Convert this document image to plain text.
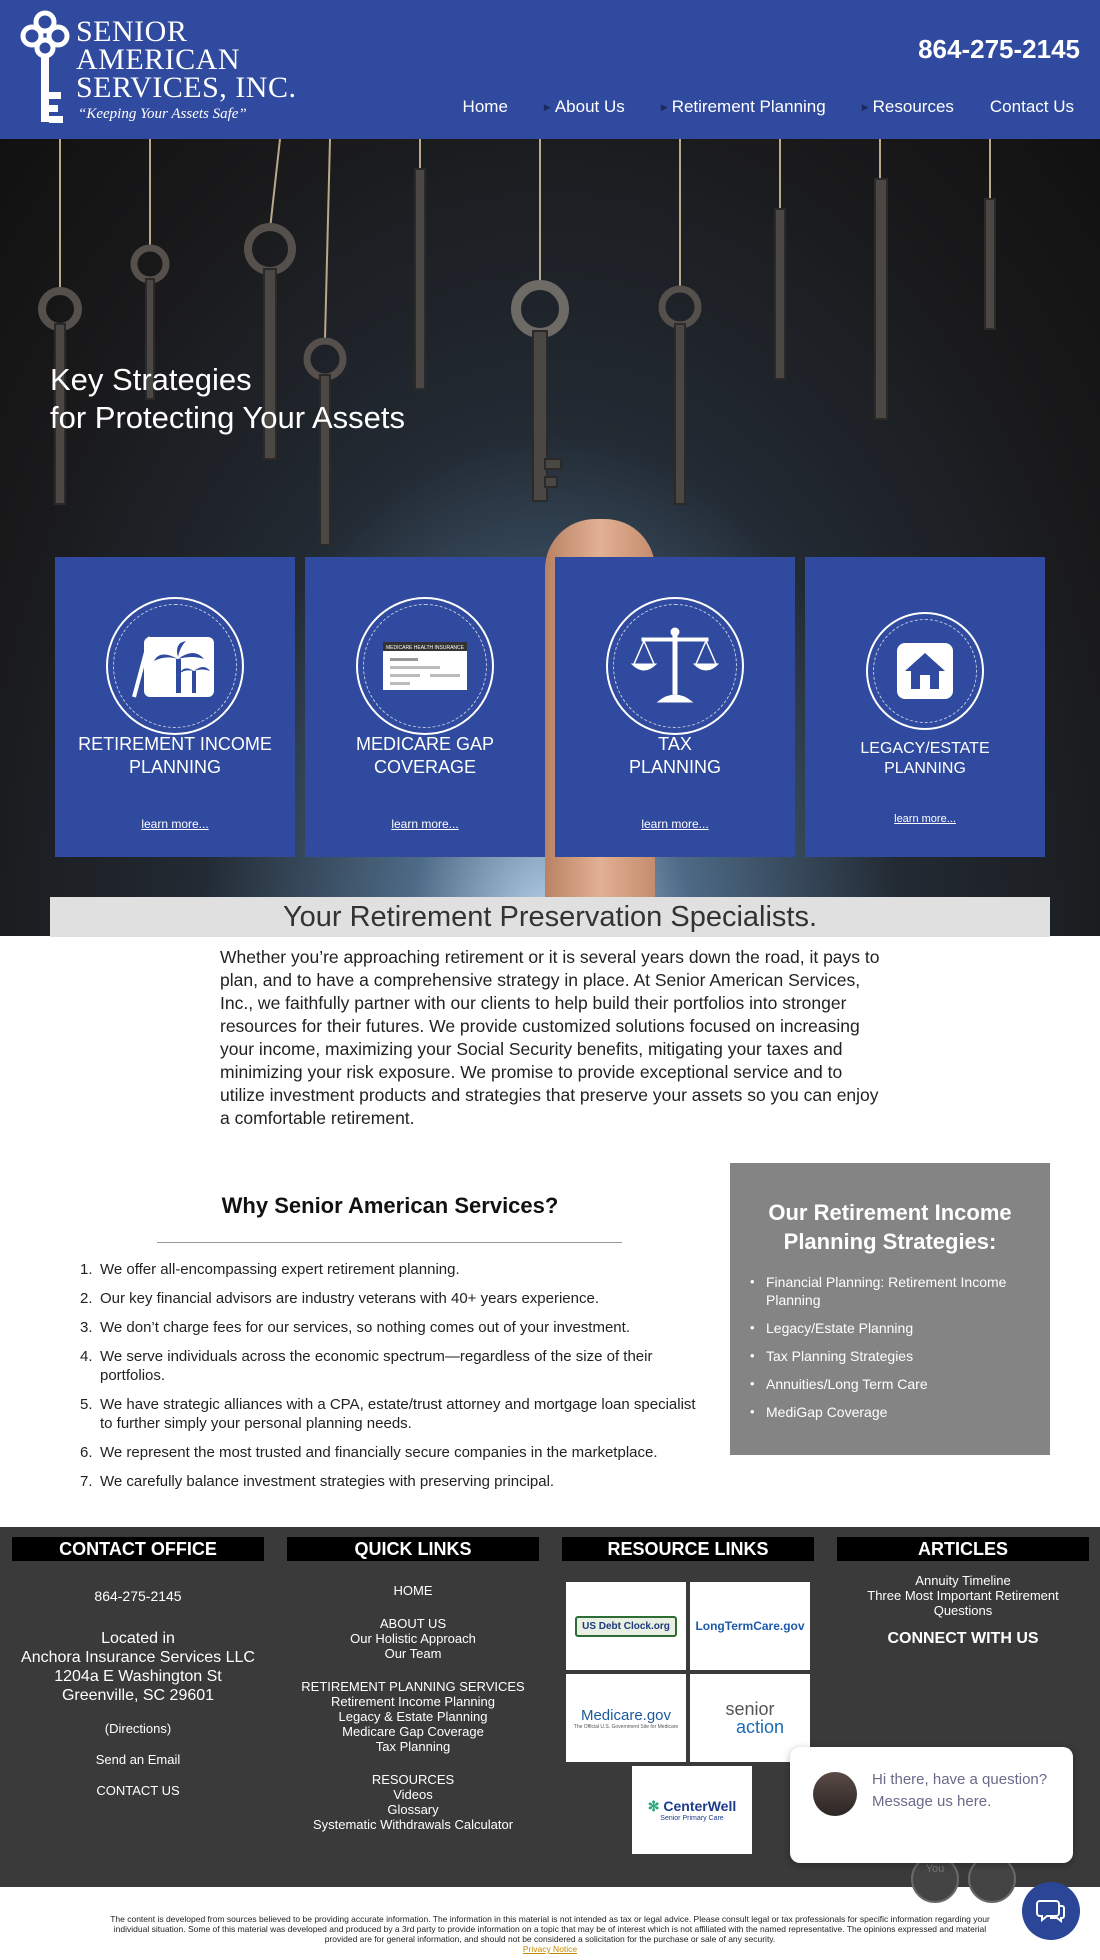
SENIOR
AMERICAN
SERVICES, INC.
“Keeping Your Assets Safe”
864-275-2145
Home	▶ About Us	▶ Retirement Planning	▶ Resources Contact Us
Key Strategies
for Protecting Your Assets
RETIREMENT INCOME
PLANNING
learn more...
MEDICARE HEALTH INSURANCE
MEDICARE GAP
COVERAGE
learn more...
TAX
PLANNING
learn more...
LEGACY/ESTATE
PLANNING
learn more...
Your Retirement Preservation Specialists.
Whether you’re approaching retirement or it is several years down the road, it pays to plan, and to have a comprehensive strategy in place. At Senior American Services, Inc., we faithfully partner with our clients to help build their portfolios into stronger resources for their futures. We provide customized solutions focused on increasing your income, maximizing your Social Security benefits, mitigating your taxes and minimizing your risk exposure. We promise to provide exceptional service and to utilize investment products and strategies that preserve your assets so you can enjoy a comfortable retirement.
Why Senior American Services?
1. We offer all-encompassing expert retirement planning.
2. Our key financial advisors are industry veterans with 40+ years experience.
3. We don’t charge fees for our services, so nothing comes out of your investment.
4. We serve individuals across the economic spectrum—regardless of the size of their portfolios.
5. We have strategic alliances with a CPA, estate/trust attorney and mortgage loan specialist to further simply your personal planning needs.
6. We represent the most trusted and financially secure companies in the marketplace.
7. We carefully balance investment strategies with preserving principal.
Our Retirement Income
Planning Strategies:
• Financial Planning: Retirement Income Planning
• Legacy/Estate Planning
• Tax Planning Strategies
• Annuities/Long Term Care
• MediGap Coverage
CONTACT OFFICE
864-275-2145
Located in
Anchora Insurance Services LLC
1204a E Washington St
Greenville, SC 29601
(Directions)
Send an Email
CONTACT US
QUICK LINKS
HOME
ABOUT US
Our Holistic Approach
Our Team
RETIREMENT PLANNING SERVICES
Retirement Income Planning
Legacy & Estate Planning
Medicare Gap Coverage
Tax Planning
RESOURCES
Videos
Glossary
Systematic Withdrawals Calculator
RESOURCE LINKS
US Debt Clock.org	LongTermCare.gov
Medicare.gov
The Official U.S. Government Site for Medicare
senior
action
✻ CenterWell
Senior Primary Care
ARTICLES
Annuity Timeline
Three Most Important Retirement Questions
CONNECT WITH US
You
Hi there, have a question? Message us here.
The content is developed from sources believed to be providing accurate information. The information in this material is not intended as tax or legal advice. Please consult legal or tax professionals for specific information regarding your individual situation. Some of this material was developed and produced by a 3rd party to provide information on a topic that may be of interest which is not affiliated with the named representative. The opinions expressed and material provided are for general information, and should not be considered a solicitation for the purchase or sale of any security.
Privacy Notice
